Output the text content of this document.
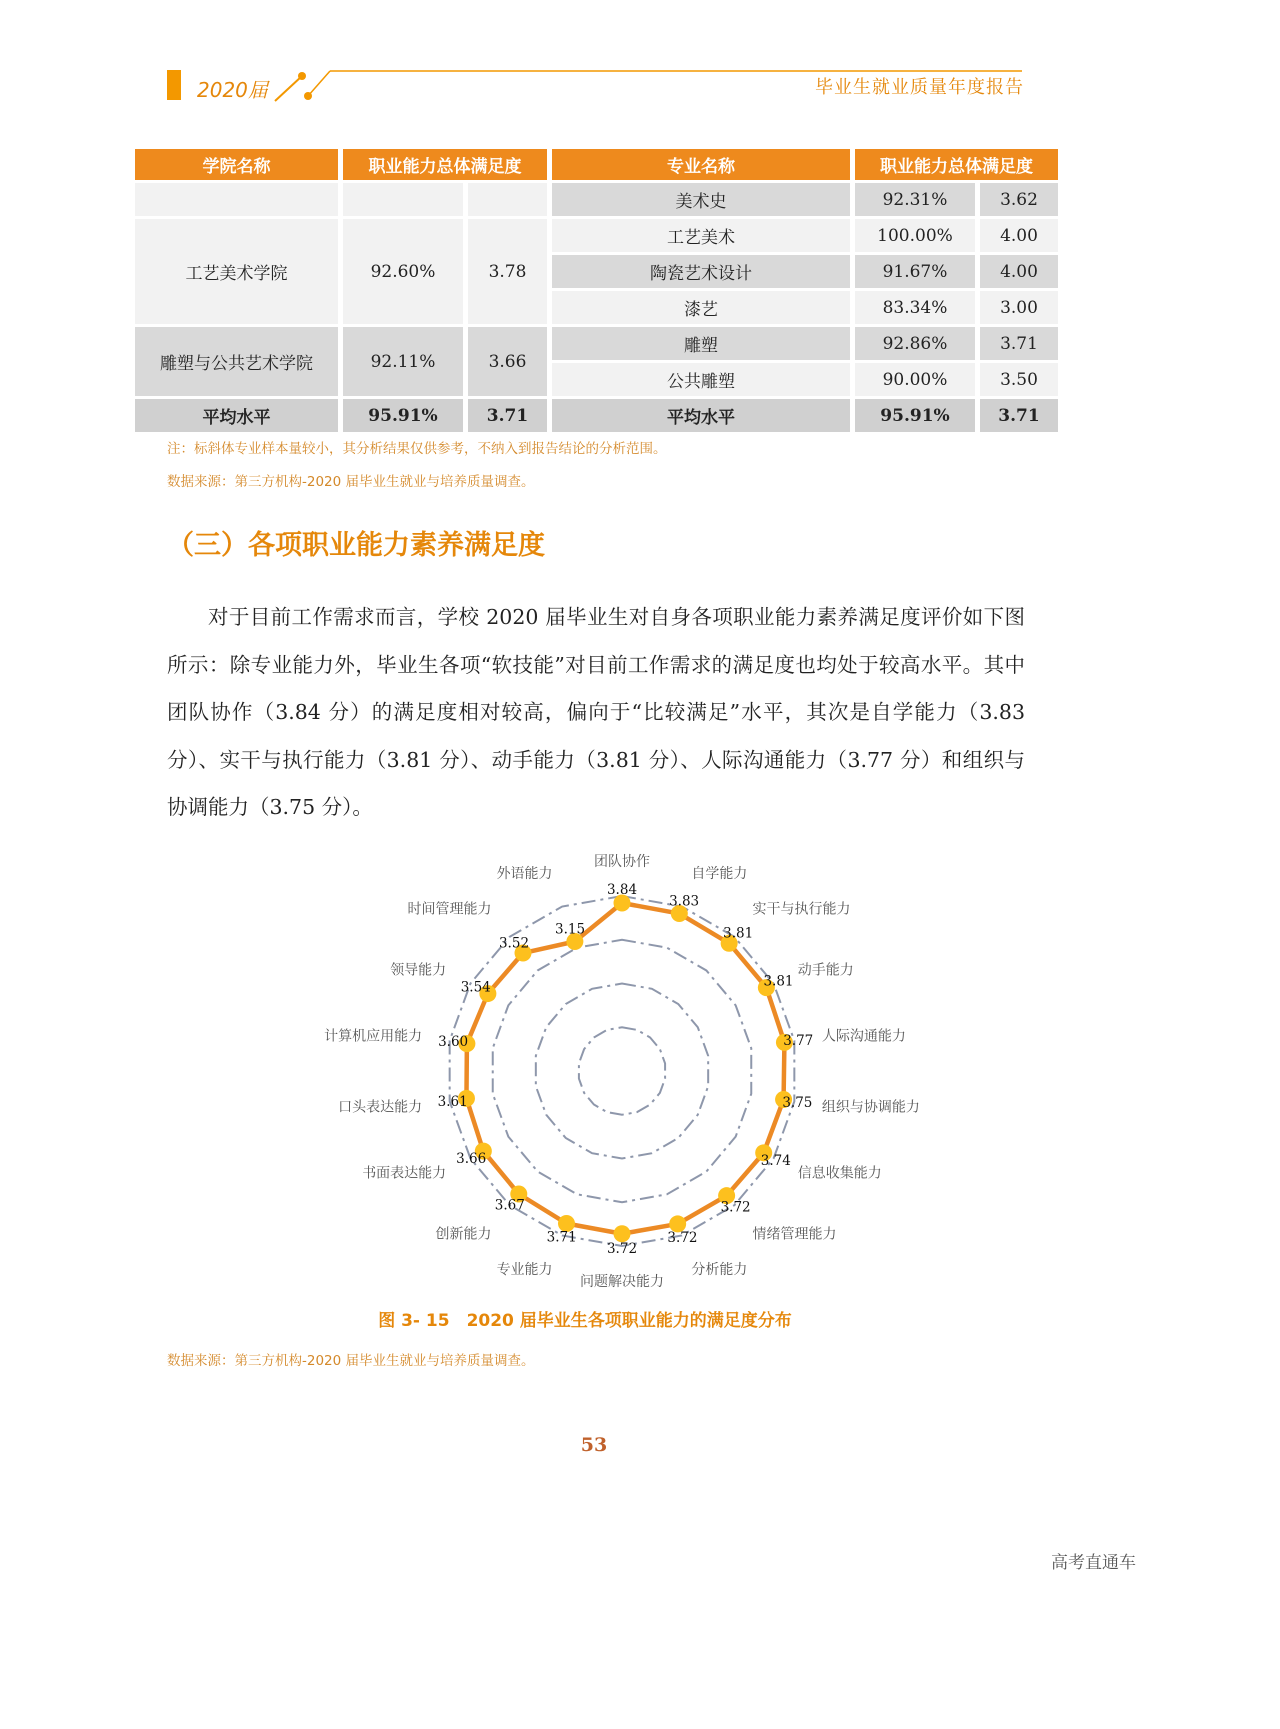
2020届	毕业生就业质量年度报告
学院名称	职业能力总体满足度		专业名称	职业能力总体满足度	
			美术史	92.31%	3.62
工艺美术学院	92.60%	3.78	工艺美术	100.00%	4.00
			陶瓷艺术设计	91.67%	4.00
			漆艺	83.34%	3.00
雕塑与公共艺术学院	92.11%	3.66	雕塑	92.86%	3.71
			公共雕塑	90.00%	3.50
平均水平	95.91%	3.71	平均水平	95.91%	3.71
注：标斜体专业样本量较小，其分析结果仅供参考，不纳入到报告结论的分析范围。
数据来源：第三方机构-2020 届毕业生就业与培养质量调查。
（三）各项职业能力素养满足度

对于目前工作需求而言，学校 2020 届毕业生对自身各项职业能力素养满足度评价如下图所示：除专业能力外，毕业生各项“软技能”对目前工作需求的满足度也均处于较高水平。其中团队协作（3.84 分）的满足度相对较高，偏向于“比较满足”水平，其次是自学能力（3.83 分）、实干与执行能力（3.81 分）、动手能力（3.81 分）、人际沟通能力（3.77 分）和组织与协调能力（3.75 分）。

团队协作
3.84
自学能力
3.83
实干与执行能力
3.81
动手能力
3.81
人际沟通能力
3.77
组织与协调能力
3.75
信息收集能力
3.74
情绪管理能力
3.72
分析能力
3.72
问题解决能力
3.72
专业能力
3.71
创新能力
3.67
书面表达能力
3.66
口头表达能力 3.61
计算机应用能力 3.60
领导能力
3.54
时间管理能力
3.52
外语能力
3.15
图 3- 15　2020 届毕业生各项职业能力的满足度分布
数据来源：第三方机构-2020 届毕业生就业与培养质量调查。
53
高考直通车
